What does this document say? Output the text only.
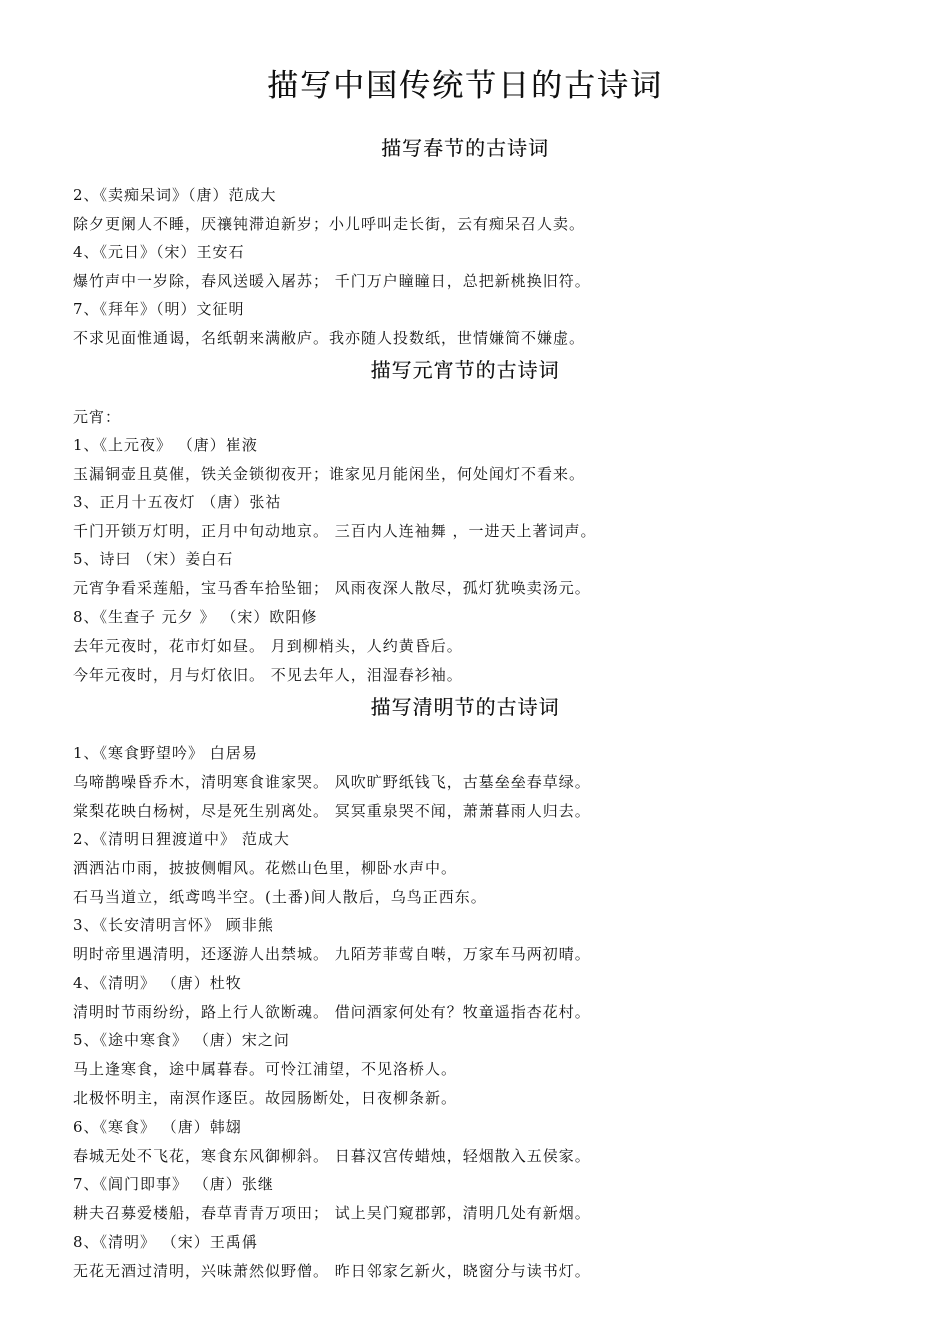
描写中国传统节日的古诗词
描写春节的古诗词
2、《卖痴呆词》（唐）范成大
除夕更阑人不睡，厌禳钝滞迫新岁；小儿呼叫走长街，云有痴呆召人卖。
4、《元日》（宋）王安石
爆竹声中一岁除，春风送暖入屠苏； 千门万户瞳瞳日，总把新桃换旧符。
7、《拜年》（明）文征明
不求见面惟通谒，名纸朝来满敝庐。我亦随人投数纸，世情嫌简不嫌虚。
描写元宵节的古诗词
元宵：
1、《上元夜》 （唐）崔液
玉漏铜壶且莫催，铁关金锁彻夜开；谁家见月能闲坐，何处闻灯不看来。
3、正月十五夜灯 （唐）张祜
千门开锁万灯明，正月中旬动地京。 三百内人连袖舞 ，一进天上著词声。
5、诗曰 （宋）姜白石
元宵争看采莲船，宝马香车拾坠钿； 风雨夜深人散尽，孤灯犹唤卖汤元。
8、《生查子 元夕 》 （宋）欧阳修
去年元夜时，花市灯如昼。 月到柳梢头，人约黄昏后。
今年元夜时，月与灯依旧。 不见去年人，泪湿春衫袖。
描写清明节的古诗词
1、《寒食野望吟》 白居易
乌啼鹊噪昏乔木，清明寒食谁家哭。 风吹旷野纸钱飞，古墓垒垒春草绿。
棠梨花映白杨树，尽是死生别离处。 冥冥重泉哭不闻，萧萧暮雨人归去。
2、《清明日狸渡道中》 范成大
洒洒沾巾雨，披披侧帽风。花燃山色里，柳卧水声中。
石马当道立，纸鸢鸣半空。(土番)间人散后，乌鸟正西东。
3、《长安清明言怀》 顾非熊
明时帝里遇清明，还逐游人出禁城。 九陌芳菲莺自啭，万家车马两初晴。
4、《清明》 （唐）杜牧
清明时节雨纷纷，路上行人欲断魂。 借问酒家何处有？牧童遥指杏花村。
5、《途中寒食》 （唐）宋之问
马上逢寒食，途中属暮春。可怜江浦望，不见洛桥人。
北极怀明主，南溟作逐臣。故园肠断处，日夜柳条新。
6、《寒食》 （唐）韩翃
春城无处不飞花，寒食东风御柳斜。 日暮汉宫传蜡烛，轻烟散入五侯家。
7、《阊门即事》 （唐）张继
耕夫召募爱楼船，春草青青万项田； 试上吴门窥郡郭，清明几处有新烟。
8、《清明》 （宋）王禹偁
无花无酒过清明，兴味萧然似野僧。 昨日邻家乞新火，晓窗分与读书灯。
